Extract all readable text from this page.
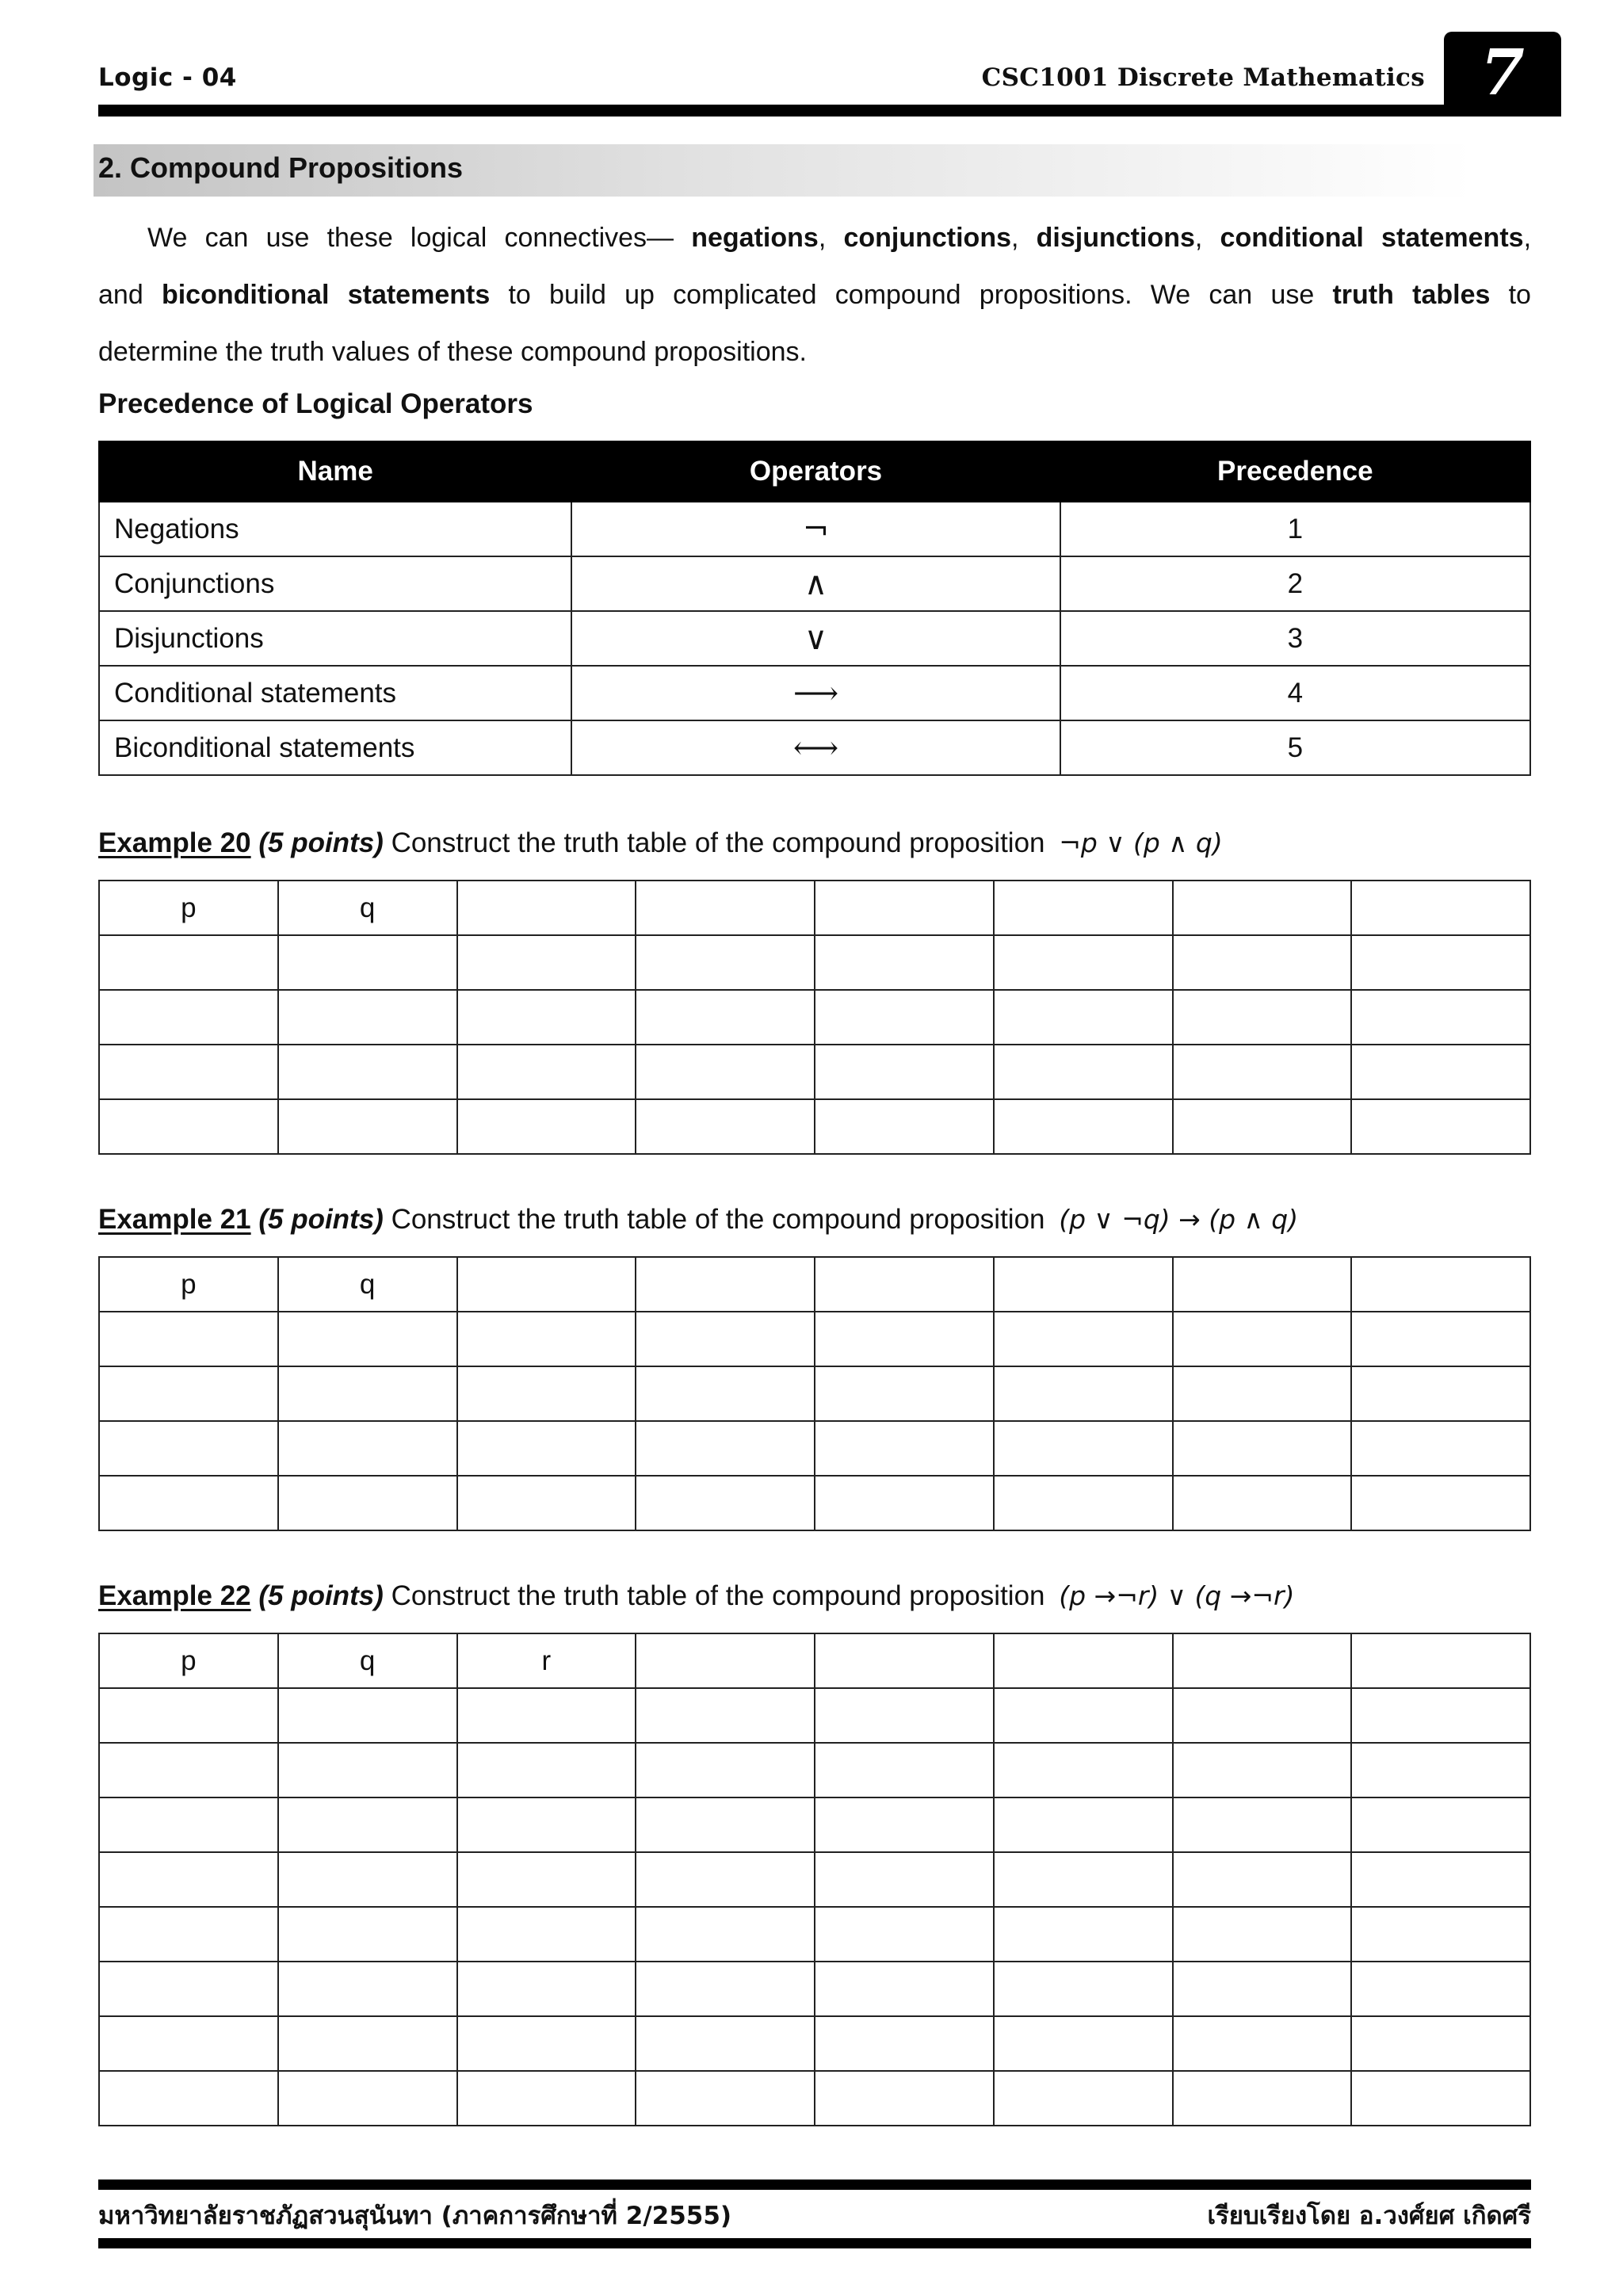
Logic - 04	CSC1001 Discrete Mathematics 7
2. Compound Propositions

We can use these logical connectives— negations, conjunctions, disjunctions, conditional statements,

and biconditional statements to build up complicated compound propositions. We can use truth tables to

determine the truth values of these compound propositions.

Precedence of Logical Operators
Name	Operators	Precedence
Negations	¬	1
Conjunctions	∧	2
Disjunctions	∨	3
Conditional statements	⟶	4
Biconditional statements	⟷	5
Example 20 (5 points) Construct the truth table of the compound proposition ¬p ∨ (p ∧ q)
p	q						

Example 21 (5 points) Construct the truth table of the compound proposition (p ∨ ¬q) → (p ∧ q)
p	q						

Example 22 (5 points) Construct the truth table of the compound proposition (p →¬r) ∨ (q →¬r)
p	q	r					

มหาวิทยาลัยราชภัฏสวนสุนันทา (ภาคการศึกษาที่ 2/2555)	เรียบเรียงโดย อ.วงศ์ยศ เกิดศรี
